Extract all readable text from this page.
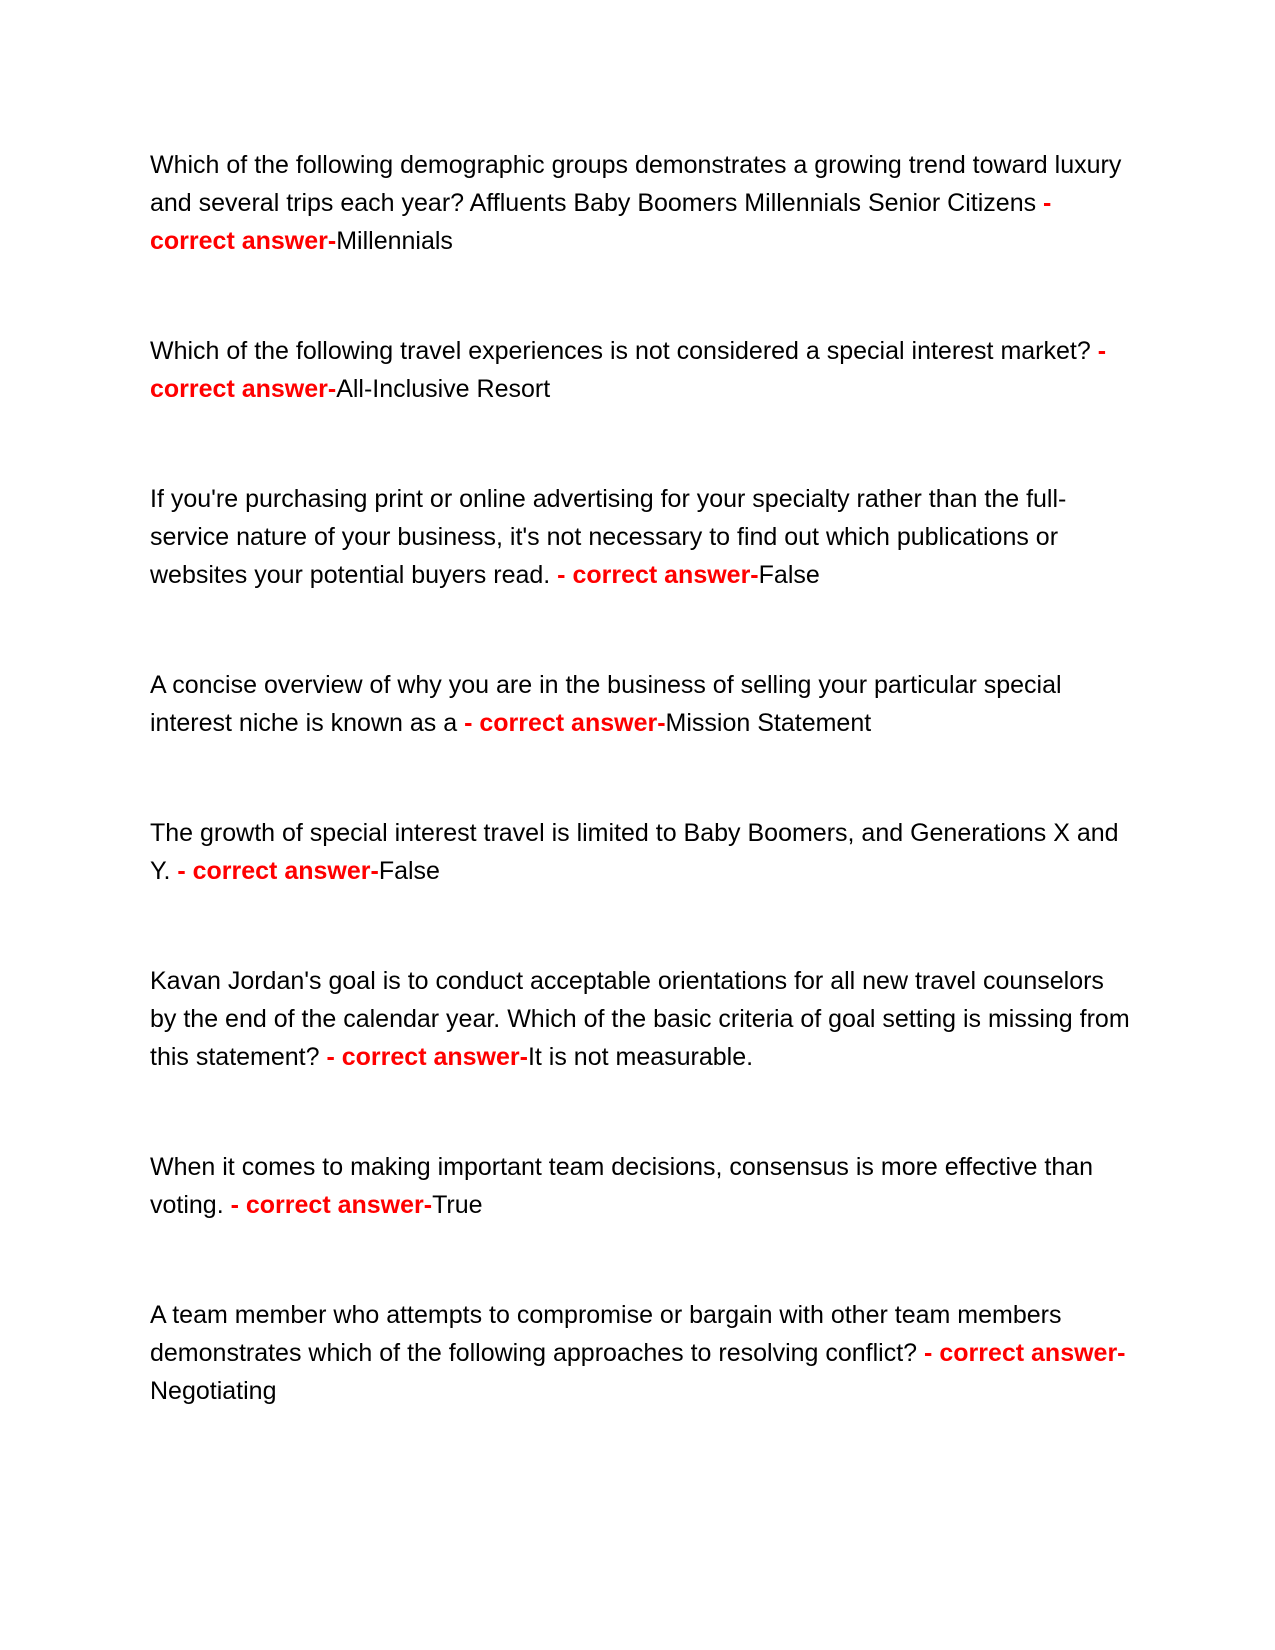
Which of the following demographic groups demonstrates a growing trend toward luxury and several trips each year? Affluents Baby Boomers Millennials Senior Citizens - correct answer-Millennials

Which of the following travel experiences is not considered a special interest market? - correct answer-All-Inclusive Resort

If you're purchasing print or online advertising for your specialty rather than the full-service nature of your business, it's not necessary to find out which publications or websites your potential buyers read. - correct answer-False

A concise overview of why you are in the business of selling your particular special interest niche is known as a - correct answer-Mission Statement

The growth of special interest travel is limited to Baby Boomers, and Generations X and Y. - correct answer-False

Kavan Jordan's goal is to conduct acceptable orientations for all new travel counselors by the end of the calendar year. Which of the basic criteria of goal setting is missing from this statement? - correct answer-It is not measurable.

When it comes to making important team decisions, consensus is more effective than voting. - correct answer-True

A team member who attempts to compromise or bargain with other team members demonstrates which of the following approaches to resolving conflict? - correct answer-Negotiating
